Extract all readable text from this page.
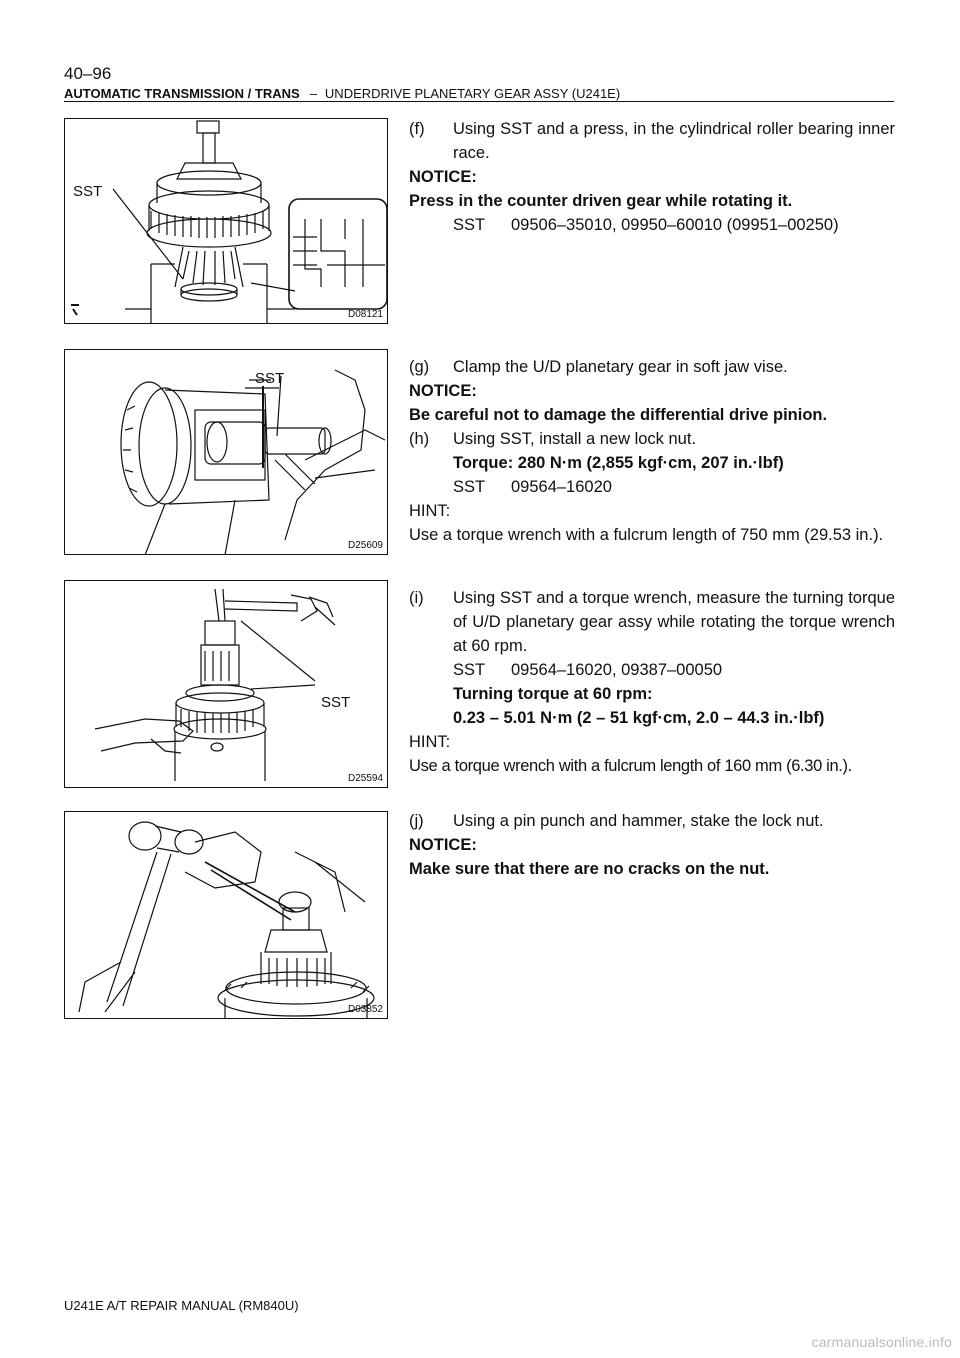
40–96
AUTOMATIC TRANSMISSION / TRANS – UNDERDRIVE PLANETARY GEAR ASSY (U241E)
SST
D08121
SST
D25609
SST
D25594
D03852
(f) Using SST and a press, in the cylindrical roller bearing inner race.
NOTICE:
Press in the counter driven gear while rotating it.
SST 09506–35010, 09950–60010 (09951–00250)
(g) Clamp the U/D planetary gear in soft jaw vise.
NOTICE:
Be careful not to damage the differential drive pinion.
(h) Using SST, install a new lock nut.
Torque: 280 N·m (2,855 kgf·cm, 207 in.·lbf)
SST 09564–16020
HINT:
Use a torque wrench with a fulcrum length of 750 mm (29.53 in.).
(i) Using SST and a torque wrench, measure the turning torque of U/D planetary gear assy while rotating the torque wrench at 60 rpm.
SST 09564–16020, 09387–00050
Turning torque at 60 rpm:
0.23 – 5.01 N·m (2 – 51 kgf·cm, 2.0 – 44.3 in.·lbf)
HINT:
Use a torque wrench with a fulcrum length of 160 mm (6.30 in.).
(j) Using a pin punch and hammer, stake the lock nut.
NOTICE:
Make sure that there are no cracks on the nut.
U241E A/T REPAIR MANUAL (RM840U)
carmanualsonline.info
